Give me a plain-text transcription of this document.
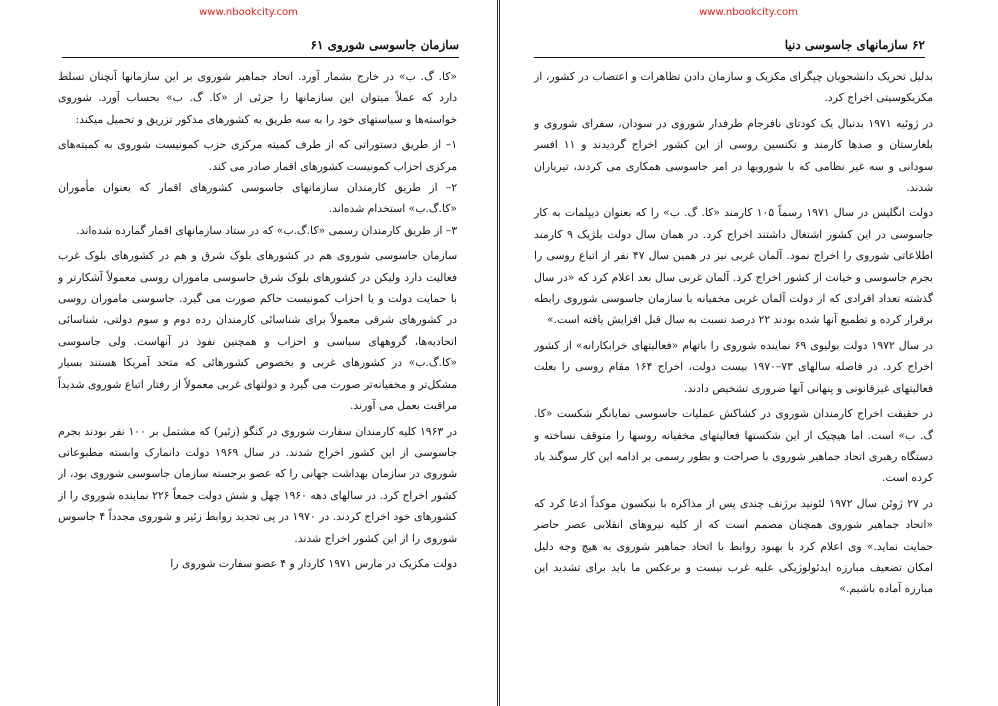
www.nbookcity.com
سازمان جاسوسی شوروی ۶۱

«کا. گ. ب» در خارج بشمار آورد. اتحاد جماهیر شوروی بر این سازمانها آنچنان تسلط دارد که عملاً میتوان این سازمانها را جزئی از «کا. گ. ب» بحساب آورد. شوروی خواسته‌ها و سیاستهای خود را به سه طریق به کشورهای مذکور تزریق و تحمیل میکند:

۱– از طریق دستوراتی که از طرف کمیته مرکزی حزب کمونیست شوروی به کمیته‌های مرکزی احزاب کمونیست کشورهای اقمار صادر می کند.

۲– از طریق کارمندان سازمانهای جاسوسی کشورهای اقمار که بعنوان مأموران «کا.گ.ب» استخدام شده‌اند.

۳– از طریق کارمندان رسمی «کا.گ.ب» که در ستاد سازمانهای اقمار گمارده شده‌اند.

سازمان جاسوسی شوروی هم در کشورهای بلوک شرق و هم در کشورهای بلوک غرب فعالیت دارد ولیکن در کشورهای بلوک شرق جاسوسی ماموران روسی معمولاً آشکارتر و با حمایت دولت و یا احزاب کمونیست حاکم صورت می گیرد. جاسوسی ماموران روسی در کشورهای شرقی معمولاً برای شناسائی کارمندان رده دوم و سوم دولتی، شناسائی اتحادیه‌ها، گروههای سیاسی و احزاب و همچنین نفوذ در آنهاست. ولی جاسوسی «کا.گ.ب» در کشورهای غربی و بخصوص کشورهائی که متحد آمریکا هستند بسیار مشکل‌تر و مخفیانه‌تر صورت می گیرد و دولتهای غربی معمولاً از رفتار اتباع شوروی شدیداً مراقبت بعمل می آورند.

در ۱۹۶۳ کلیه کارمندان سفارت شوروی در کنگو (زئیر) که مشتمل بر ۱۰۰ نفر بودند بجرم جاسوسی از این کشور اخراج شدند. در سال ۱۹۶۹ دولت دانمارک وابسته مطبوعاتی شوروی در سازمان بهداشت جهانی را که عضو برجسته سازمان جاسوسی شوروی بود، از کشور اخراج کرد. در سالهای دهه ۱۹۶۰ چهل و شش دولت جمعاً ۲۲۶ نماینده شوروی را از کشورهای خود اخراج کردند. در ۱۹۷۰ در پی تجدید روابط زئیر و شوروی مجدداً ۴ جاسوس شوروی را از این کشور اخراج شدند.

دولت مکزیک در مارس ۱۹۷۱ کاردار و ۴ عضو سفارت شوروی را

www.nbookcity.com
۶۲ سازمانهای جاسوسی دنیا

بدلیل تحریک دانشجویان چپگرای مکزیک و سازمان دادن تظاهرات و اعتصاب در کشور، از مکزیکوسیتی اخراج کرد.

در ژوئیه ۱۹۷۱ بدنبال یک کودتای نافرجام طرفدار شوروی در سودان، سفرای شوروی و بلغارستان و صدها کارمند و تکنسین روسی از این کشور اخراج گردیدند و ۱۱ افسر سودانی و سه غیر نظامی که با شورویها در امر جاسوسی همکاری می کردند، تیرباران شدند.

دولت انگلیس در سال ۱۹۷۱ رسماً ۱۰۵ کارمند «کا. گ. ب» را که بعنوان دیپلمات به کار جاسوسی در این کشور اشتغال داشتند اخراج کرد. در همان سال دولت بلژیک ۹ کارمند اطلاعاتی شوروی را اخراج نمود. آلمان غربی نیز در همین سال ۴۷ نفر از اتباع روسی را بجرم جاسوسی و خیانت از کشور اخراج کرد. آلمان غربی سال بعد اعلام کرد که «در سال گذشته تعداد افرادی که از دولت آلمان غربی مخفیانه با سازمان جاسوسی شوروی رابطه برقرار کرده و تطمیع آنها شده بودند ۲۲ درصد نسبت به سال قبل افزایش یافته است.»

در سال ۱۹۷۲ دولت بولیوی ۶۹ نماینده شوروی را باتهام «فعالیتهای خرابکارانه» از کشور اخراج کرد. در فاصله سالهای ۷۳–۱۹۷۰ بیست دولت، اخراج ۱۶۴ مقام روسی را بعلت فعالیتهای غیرقانونی و پنهانی آنها ضروری تشخیص دادند.

در حقیقت اخراج کارمندان شوروی در کشاکش عملیات جاسوسی نمایانگر شکست «کا. گ. ب» است. اما هیچیک از این شکستها فعالیتهای مخفیانه روسها را متوقف نساخته و دستگاه رهبری اتحاد جماهیر شوروی با صراحت و بطور رسمی بر ادامه این کار سوگند یاد کرده است.

در ۲۷ ژوئن سال ۱۹۷۲ لئونید برژنف چندی پس از مذاکره با نیکسون موکداً ادعا کرد که «اتحاد جماهیر شوروی همچنان مصمم است که از کلیه نیروهای انقلابی عصر حاضر حمایت نماید.» وی اعلام کرد با بهبود روابط با اتحاد جماهیر شوروی به هیچ وجه دلیل امکان تضعیف مبارزه ایدئولوژیکی علیه غرب نیست و برعکس ما باید برای تشدید این مبارزه آماده باشیم.»
